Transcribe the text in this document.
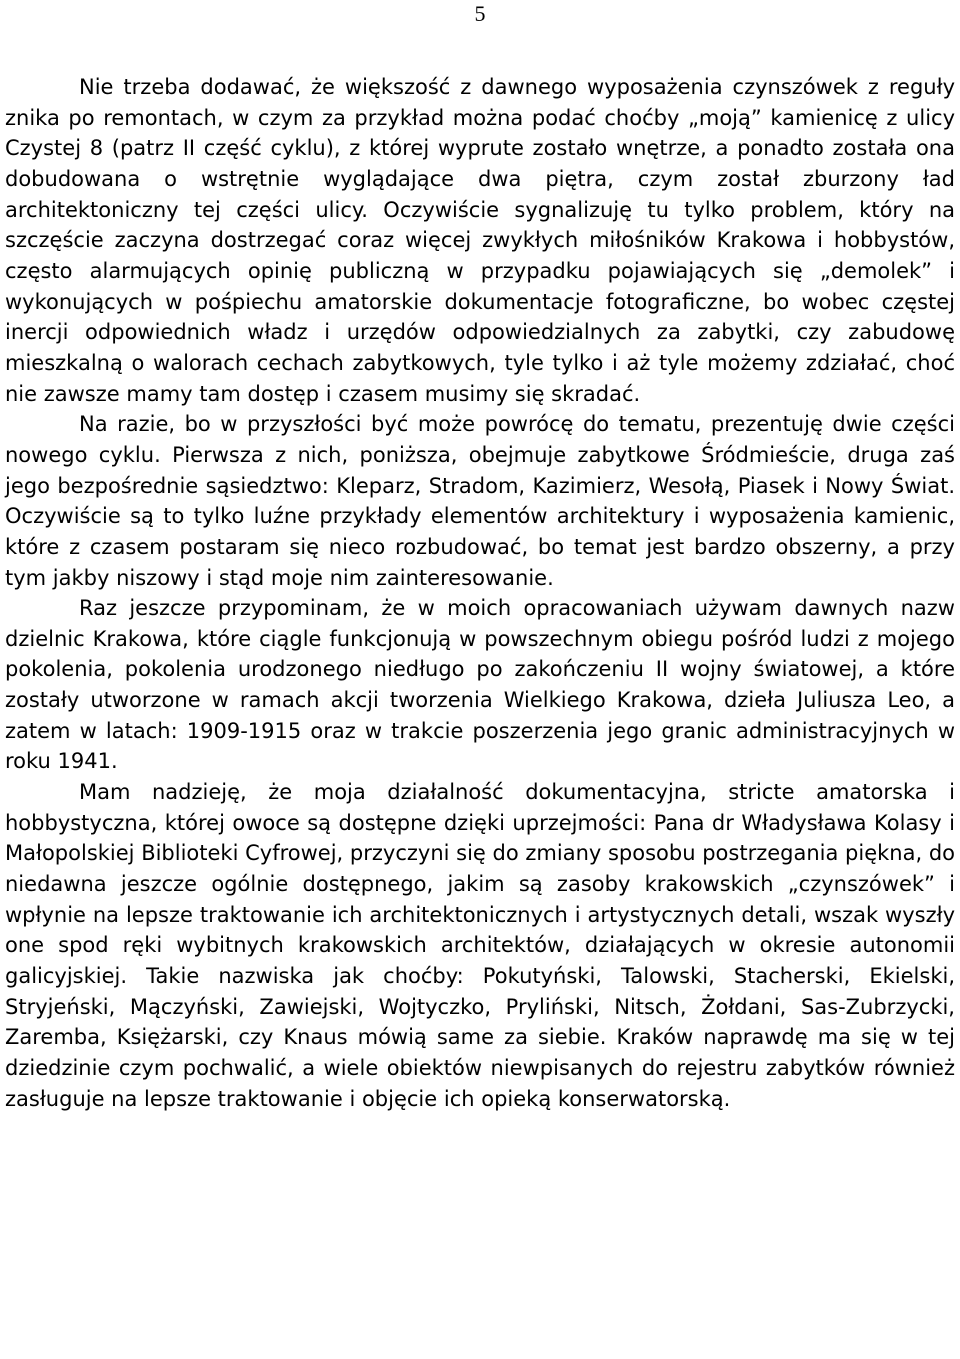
5

Nie trzeba dodawać, że większość z dawnego wyposażenia czynszówek z reguły znika po remontach, w czym za przykład można podać choćby „moją” kamienicę z ulicy Czystej 8 (patrz II część cyklu), z której wyprute zostało wnętrze, a ponadto została ona dobudowana o wstrętnie wyglądające dwa piętra, czym został zburzony ład architektoniczny tej części ulicy. Oczywiście sygnalizuję tu tylko problem, który na szczęście zaczyna dostrzegać coraz więcej zwykłych miłośników Krakowa i hobbystów, często alarmujących opinię publiczną w przypadku pojawiających się „demolek” i wykonujących w pośpiechu amatorskie dokumentacje fotograficzne, bo wobec częstej inercji odpowiednich władz i urzędów odpowiedzialnych za zabytki, czy zabudowę mieszkalną o walorach cechach zabytkowych, tyle tylko i aż tyle możemy zdziałać, choć nie zawsze mamy tam dostęp i czasem musimy się skradać.

Na razie, bo w przyszłości być może powrócę do tematu, prezentuję dwie części nowego cyklu. Pierwsza z nich, poniższa, obejmuje zabytkowe Śródmieście, druga zaś jego bezpośrednie sąsiedztwo: Kleparz, Stradom, Kazimierz, Wesołą, Piasek i Nowy Świat. Oczywiście są to tylko luźne przykłady elementów architektury i wyposażenia kamienic, które z czasem postaram się nieco rozbudować, bo temat jest bardzo obszerny, a przy tym jakby niszowy i stąd moje nim zainteresowanie.

Raz jeszcze przypominam, że w moich opracowaniach używam dawnych nazw dzielnic Krakowa, które ciągle funkcjonują w powszechnym obiegu pośród ludzi z mojego pokolenia, pokolenia urodzonego niedługo po zakończeniu II wojny światowej, a które zostały utworzone w ramach akcji tworzenia Wielkiego Krakowa, dzieła Juliusza Leo, a zatem w latach: 1909-1915 oraz w trakcie poszerzenia jego granic administracyjnych w roku 1941.

Mam nadzieję, że moja działalność dokumentacyjna, stricte amatorska i hobbystyczna, której owoce są dostępne dzięki uprzejmości: Pana dr Władysława Kolasy i Małopolskiej Biblioteki Cyfrowej, przyczyni się do zmiany sposobu postrzegania piękna, do niedawna jeszcze ogólnie dostępnego, jakim są zasoby krakowskich „czynszówek” i wpłynie na lepsze traktowanie ich architektonicznych i artystycznych detali, wszak wyszły one spod ręki wybitnych krakowskich architektów, działających w okresie autonomii galicyjskiej. Takie nazwiska jak choćby: Pokutyński, Talowski, Stacherski, Ekielski, Stryjeński, Mączyński, Zawiejski, Wojtyczko, Pryliński, Nitsch, Żołdani, Sas-Zubrzycki, Zaremba, Księżarski, czy Knaus mówią same za siebie. Kraków naprawdę ma się w tej dziedzinie czym pochwalić, a wiele obiektów niewpisanych do rejestru zabytków również zasługuje na lepsze traktowanie i objęcie ich opieką konserwatorską.
